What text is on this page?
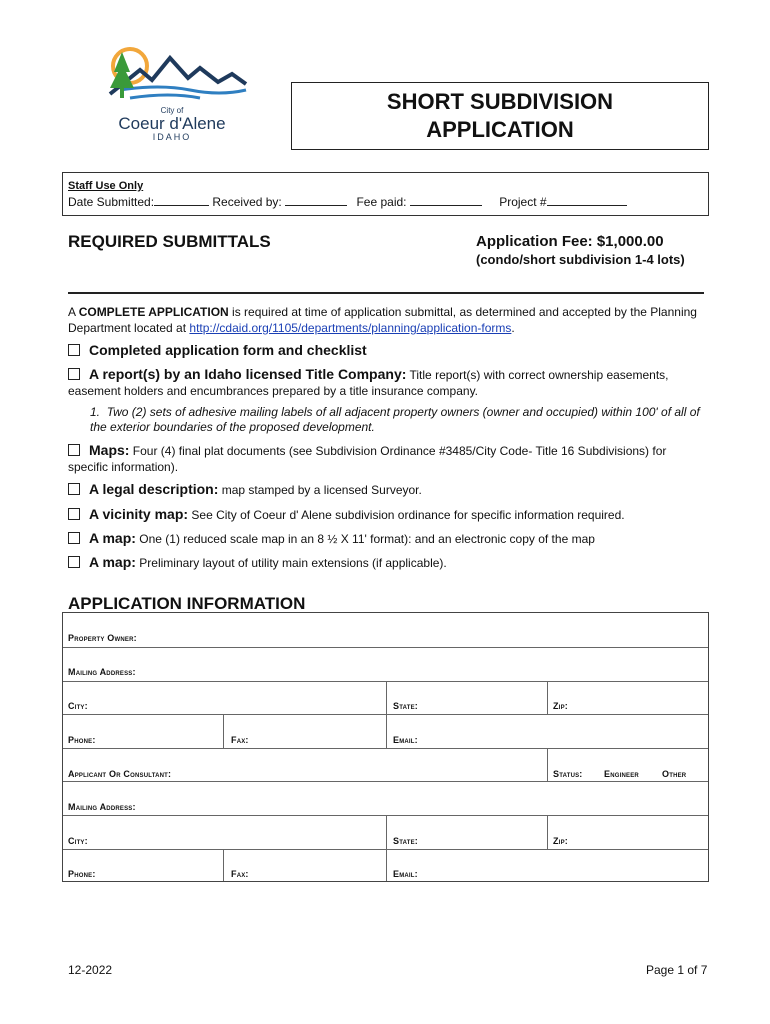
City of
Coeur d'Alene
IDAHO
SHORT SUBDIVISION
APPLICATION
Staff Use Only
Date Submitted:	Received by:	Fee paid:	Project #
REQUIRED SUBMITTALS	Application Fee: $1,000.00
(condo/short subdivision 1-4 lots)
A COMPLETE APPLICATION is required at time of application submittal, as determined and accepted by the Planning Department located at http://cdaid.org/1105/departments/planning/application-forms.
Completed application form and checklist
A report(s) by an Idaho licensed Title Company: Title report(s) with correct ownership easements, easement holders and encumbrances prepared by a title insurance company.
1. Two (2) sets of adhesive mailing labels of all adjacent property owners (owner and occupied) within 100' of all of the exterior boundaries of the proposed development.
Maps: Four (4) final plat documents (see Subdivision Ordinance #3485/City Code- Title 16 Subdivisions) for specific information).
A legal description: map stamped by a licensed Surveyor.
A vicinity map: See City of Coeur d' Alene subdivision ordinance for specific information required.
A map: One (1) reduced scale map in an 8 ½ X 11' format): and an electronic copy of the map
A map: Preliminary layout of utility main extensions (if applicable).
APPLICATION INFORMATION
Property Owner:
Mailing Address:
City:	State:	Zip:
Phone:	Fax:	Email:
Applicant Or Consultant:	Status: Engineer	Other
Mailing Address:
City:	State:	Zip:
Phone:	Fax:	Email:
12-2022	Page 1 of 7
